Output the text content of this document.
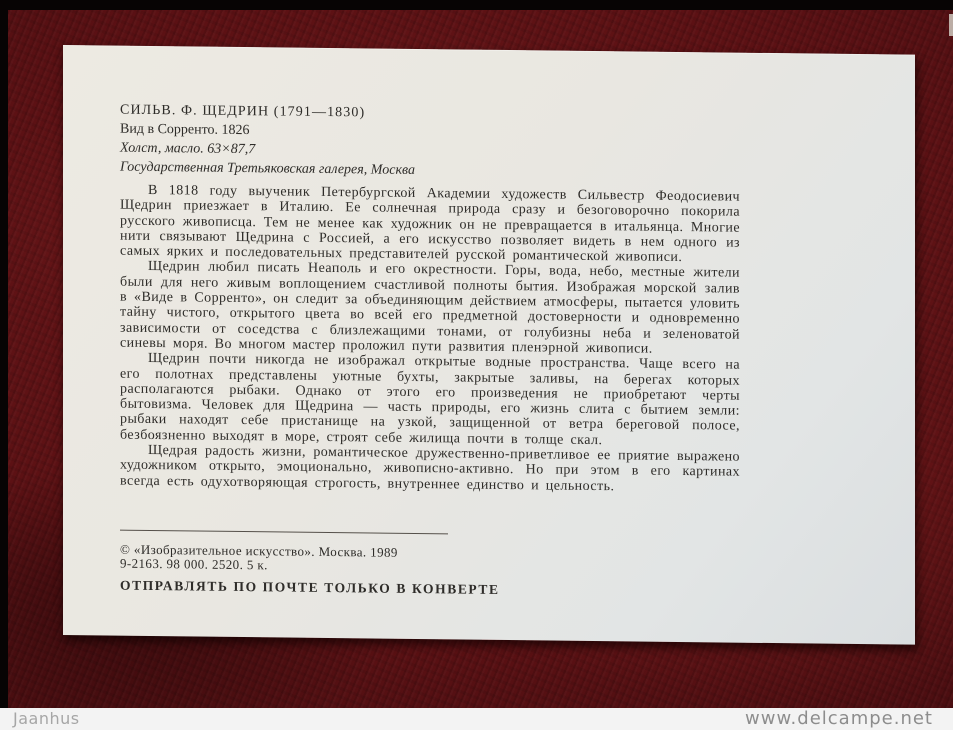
СИЛЬВ. Ф. ЩЕДРИН (1791—1830)
Вид в Сорренто. 1826
Холст, масло. 63×87,7
Государственная Третьяковская галерея, Москва

В 1818 году выученик Петербургской Академии художеств Сильвестр Феодосиевич Щедрин приезжает в Италию. Ее солнечная природа сразу и безоговорочно покорила русского живописца. Тем не менее как художник он не превращается в итальянца. Многие нити связывают Щедрина с Россией, а его искусство позволяет видеть в нем одного из самых ярких и последовательных представителей русской романтической живописи.

Щедрин любил писать Неаполь и его окрестности. Горы, вода, небо, местные жители были для него живым воплощением счастливой полноты бытия. Изображая морской залив в «Виде в Сорренто», он следит за объединяющим действием атмосферы, пытается уловить тайну чистого, открытого цвета во всей его предметной достоверности и одновременно зависимости от соседства с близлежащими тонами, от голубизны неба и зеленоватой синевы моря. Во многом мастер проложил пути развития пленэрной живописи.

Щедрин почти никогда не изображал открытые водные пространства. Чаще всего на его полотнах представлены уютные бухты, закрытые заливы, на берегах которых располагаются рыбаки. Однако от этого его произведения не приобретают черты бытовизма. Человек для Щедрина — часть природы, его жизнь слита с бытием земли: рыбаки находят себе пристанище на узкой, защищенной от ветра береговой полосе, безбоязненно выходят в море, строят себе жилища почти в толще скал.

Щедрая радость жизни, романтическое дружественно-приветливое ее приятие выражено художником открыто, эмоционально, живописно-активно. Но при этом в его картинах всегда есть одухотворяющая строгость, внутреннее единство и цельность.

© «Изобразительное искусство». Москва. 1989
9-2163. 98 000. 2520. 5 к.
ОТПРАВЛЯТЬ ПО ПОЧТЕ ТОЛЬКО В КОНВЕРТЕ
Jaanhus	www.delcampe.net
